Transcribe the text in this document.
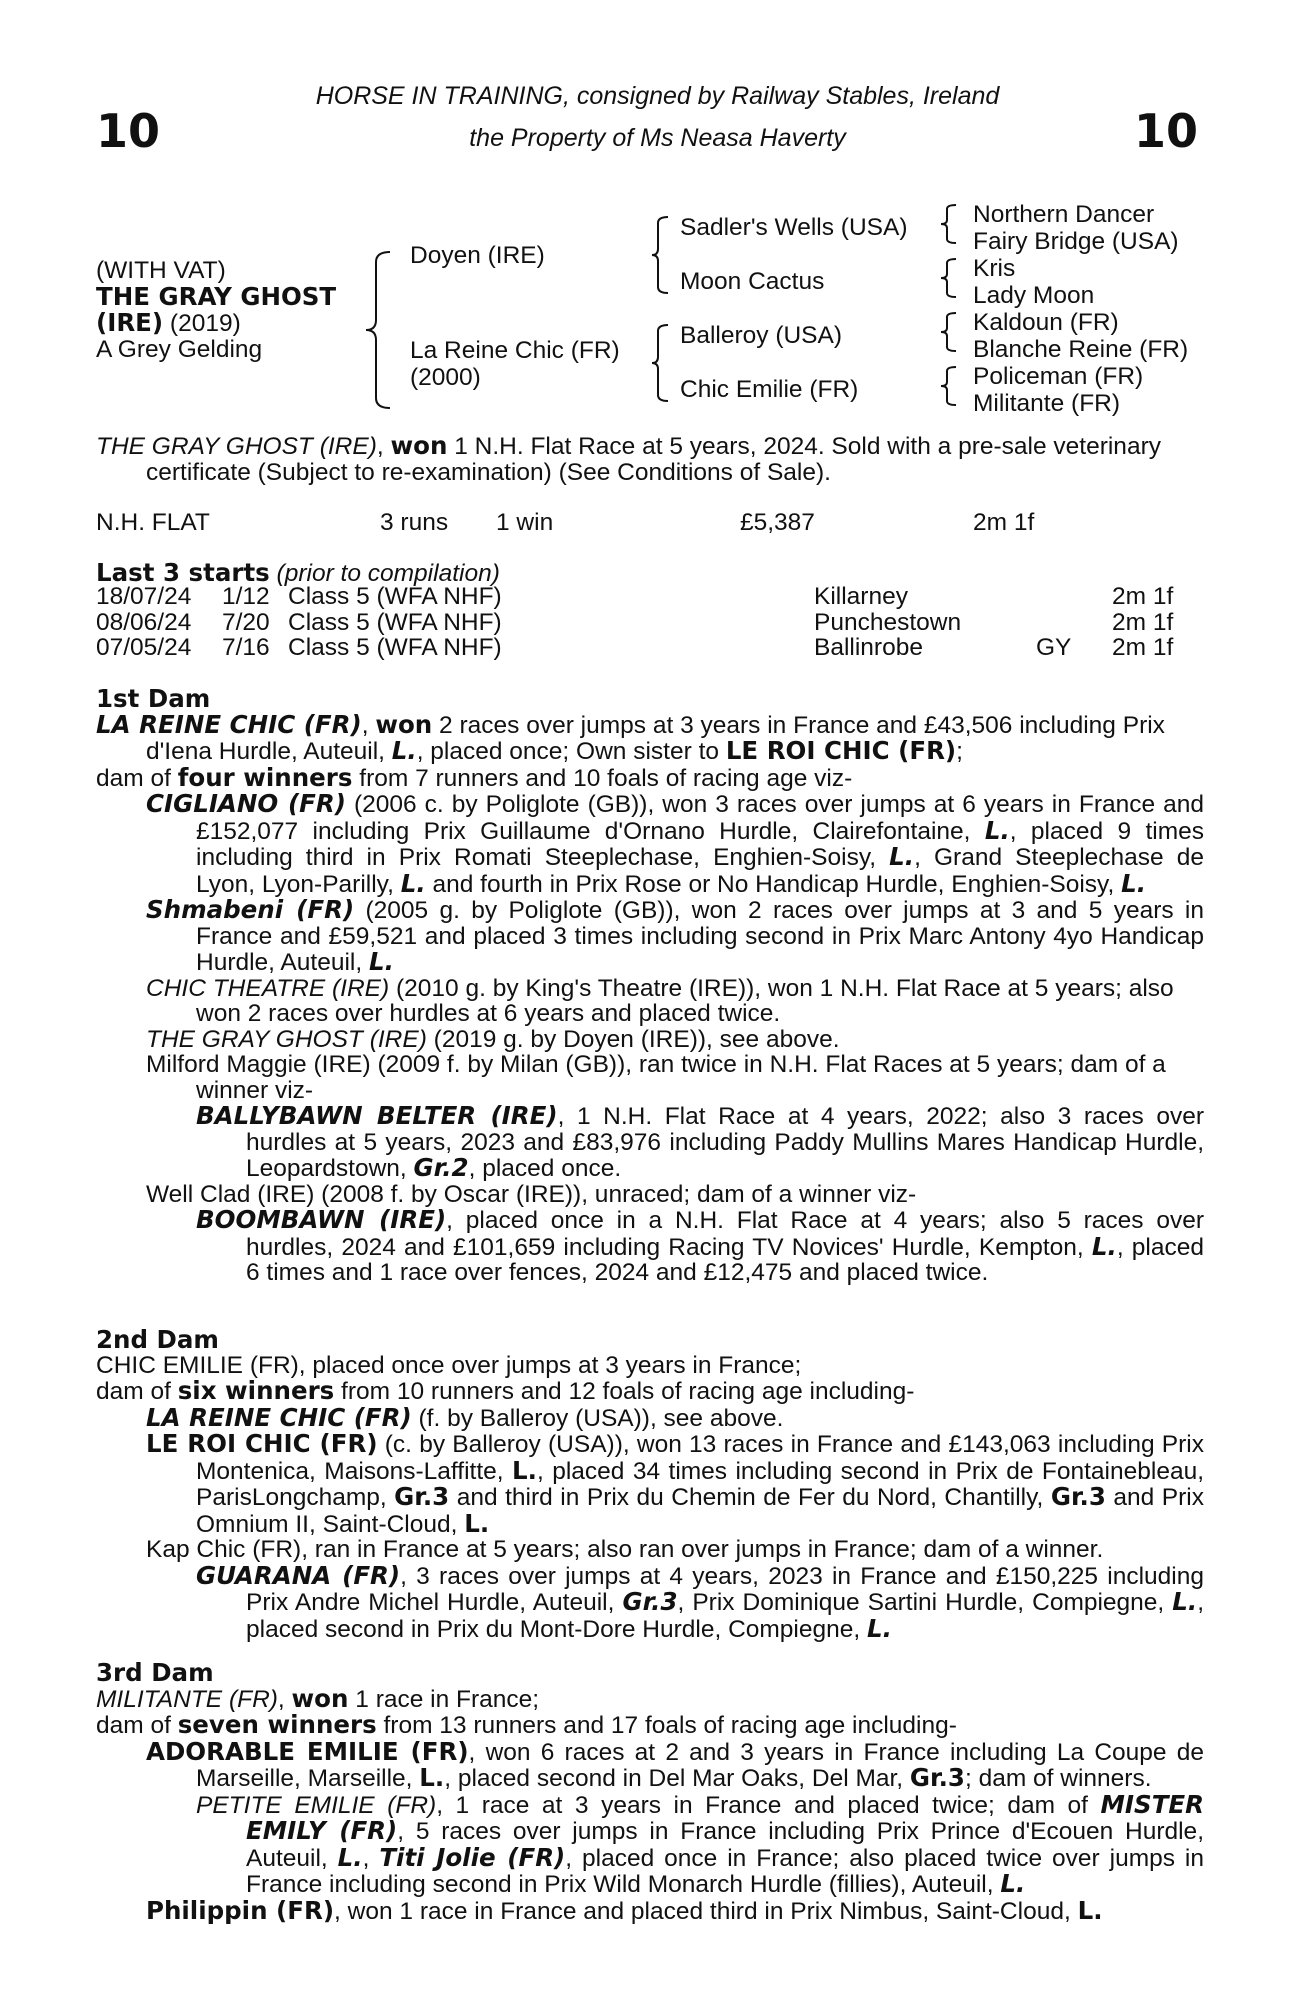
10	10
HORSE IN TRAINING, consigned by Railway Stables, Ireland
the Property of Ms Neasa Haverty
(WITH VAT)
THE GRAY GHOST
(IRE) (2019)
A Grey Gelding
Doyen (IRE)
La Reine Chic (FR)
(2000)
Sadler's Wells (USA)
Moon Cactus
Balleroy (USA)
Chic Emilie (FR)
Northern Dancer
Fairy Bridge (USA)
Kris
Lady Moon
Kaldoun (FR)
Blanche Reine (FR)
Policeman (FR)
Militante (FR)

THE GRAY GHOST (IRE), won 1 N.H. Flat Race at 5 years, 2024. Sold with a pre-sale veterinary certificate (Subject to re-examination) (See Conditions of Sale).

N.H. FLAT	3 runs 1 win	£5,387	2m 1f
Last 3 starts (prior to compilation)
18/07/24	1/12	Class 5 (WFA NHF)	Killarney		2m 1f
08/06/24	7/20	Class 5 (WFA NHF)	Punchestown		2m 1f
07/05/24	7/16	Class 5 (WFA NHF)	Ballinrobe	GY	2m 1f

1st Dam

LA REINE CHIC (FR), won 2 races over jumps at 3 years in France and £43,506 including Prix d'Iena Hurdle, Auteuil, L., placed once; Own sister to LE ROI CHIC (FR);

dam of four winners from 7 runners and 10 foals of racing age viz-

CIGLIANO (FR) (2006 c. by Poliglote (GB)), won 3 races over jumps at 6 years in France and £152,077 including Prix Guillaume d'Ornano Hurdle, Clairefontaine, L., placed 9 times including third in Prix Romati Steeplechase, Enghien-Soisy, L., Grand Steeplechase de Lyon, Lyon-Parilly, L. and fourth in Prix Rose or No Handicap Hurdle, Enghien-Soisy, L.

Shmabeni (FR) (2005 g. by Poliglote (GB)), won 2 races over jumps at 3 and 5 years in France and £59,521 and placed 3 times including second in Prix Marc Antony 4yo Handicap Hurdle, Auteuil, L.

CHIC THEATRE (IRE) (2010 g. by King's Theatre (IRE)), won 1 N.H. Flat Race at 5 years; also won 2 races over hurdles at 6 years and placed twice.

THE GRAY GHOST (IRE) (2019 g. by Doyen (IRE)), see above.

Milford Maggie (IRE) (2009 f. by Milan (GB)), ran twice in N.H. Flat Races at 5 years; dam of a winner viz-

BALLYBAWN BELTER (IRE), 1 N.H. Flat Race at 4 years, 2022; also 3 races over hurdles at 5 years, 2023 and £83,976 including Paddy Mullins Mares Handicap Hurdle, Leopardstown, Gr.2, placed once.

Well Clad (IRE) (2008 f. by Oscar (IRE)), unraced; dam of a winner viz-

BOOMBAWN (IRE), placed once in a N.H. Flat Race at 4 years; also 5 races over hurdles, 2024 and £101,659 including Racing TV Novices' Hurdle, Kempton, L., placed 6 times and 1 race over fences, 2024 and £12,475 and placed twice.

2nd Dam

CHIC EMILIE (FR), placed once over jumps at 3 years in France;

dam of six winners from 10 runners and 12 foals of racing age including-

LA REINE CHIC (FR) (f. by Balleroy (USA)), see above.

LE ROI CHIC (FR) (c. by Balleroy (USA)), won 13 races in France and £143,063 including Prix Montenica, Maisons-Laffitte, L., placed 34 times including second in Prix de Fontainebleau, ParisLongchamp, Gr.3 and third in Prix du Chemin de Fer du Nord, Chantilly, Gr.3 and Prix Omnium II, Saint-Cloud, L.

Kap Chic (FR), ran in France at 5 years; also ran over jumps in France; dam of a winner.

GUARANA (FR), 3 races over jumps at 4 years, 2023 in France and £150,225 including Prix Andre Michel Hurdle, Auteuil, Gr.3, Prix Dominique Sartini Hurdle, Compiegne, L., placed second in Prix du Mont-Dore Hurdle, Compiegne, L.

3rd Dam

MILITANTE (FR), won 1 race in France;

dam of seven winners from 13 runners and 17 foals of racing age including-

ADORABLE EMILIE (FR), won 6 races at 2 and 3 years in France including La Coupe de Marseille, Marseille, L., placed second in Del Mar Oaks, Del Mar, Gr.3; dam of winners.

PETITE EMILIE (FR), 1 race at 3 years in France and placed twice; dam of MISTER EMILY (FR), 5 races over jumps in France including Prix Prince d'Ecouen Hurdle, Auteuil, L., Titi Jolie (FR), placed once in France; also placed twice over jumps in France including second in Prix Wild Monarch Hurdle (fillies), Auteuil, L.

Philippin (FR), won 1 race in France and placed third in Prix Nimbus, Saint-Cloud, L.
